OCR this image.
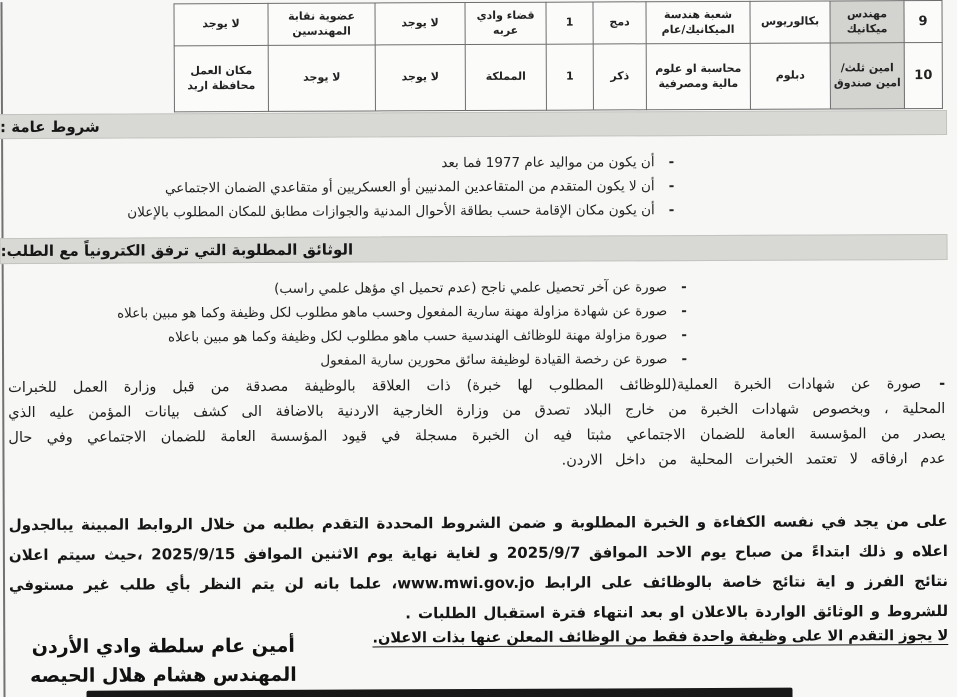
9	مهندس ميكانيك	بكالوريوس	شعبة هندسة الميكانيك/عام	دمج	1	قضاء وادي عربه	لا يوجد	عضوية نقابة المهندسين	لا يوجد
10	امين ثلث/امين صندوق	دبلوم	محاسبة او علوم مالية ومصرفية	ذكر	1	المملكة	لا يوجد	لا يوجد	مكان العمل محافظة اربد
شروط عامة :
-أن يكون من مواليد عام 1977 فما بعد
-أن لا يكون المتقدم من المتقاعدين المدنيين أو العسكريين أو متقاعدي الضمان الاجتماعي
-أن يكون مكان الإقامة حسب بطاقة الأحوال المدنية والجوازات مطابق للمكان المطلوب بالإعلان
الوثائق المطلوبة التي ترفق الكترونياً مع الطلب:
-صورة عن آخر تحصيل علمي ناجح (عدم تحميل اي مؤهل علمي راسب)
-صورة عن شهادة مزاولة مهنة سارية المفعول وحسب ماهو مطلوب لكل وظيفة وكما هو مبين باعلاه
-صورة مزاولة مهنة للوظائف الهندسية حسب ماهو مطلوب لكل وظيفة وكما هو مبين باعلاه
-صورة عن رخصة القيادة لوظيفة سائق محورين سارية المفعول
-صورة عن شهادات الخبرة العملية(للوظائف المطلوب لها خبرة) ذات العلاقة بالوظيفة مصدقة من قبل وزارة العمل للخبرات المحلية ، وبخصوص شهادات الخبرة من خارج البلاد تصدق من وزارة الخارجية الاردنية بالاضافة الى كشف بيانات المؤمن عليه الذي يصدر من المؤسسة العامة للضمان الاجتماعي مثبتا فيه ان الخبرة مسجلة في قيود المؤسسة العامة للضمان الاجتماعي وفي حال عدم ارفاقه لا تعتمد الخبرات المحلية من داخل الاردن.
على من يجد في نفسه الكفاءة و الخبرة المطلوبة و ضمن الشروط المحددة التقدم بطلبه من خلال الروابط المبينة يبالجدول اعلاه و ذلك ابتداءً من صباح يوم الاحد الموافق 2025/9/7 و لغاية نهاية يوم الاثنين الموافق 2025/9/15 ،حيث سيتم اعلان نتائج الفرز و اية نتائج خاصة بالوظائف على الرابط www.mwi.gov.jo، علما بانه لن يتم النظر بأي طلب غير مستوفي للشروط و الوثائق الواردة بالاعلان او بعد انتهاء فترة استقبال الطلبات .
لا يجوز التقدم الا على وظيفة واحدة فقط من الوظائف المعلن عنها بذات الاعلان.
أمين عام سلطة وادي الأردن
المهندس هشام هلال الحيصه
